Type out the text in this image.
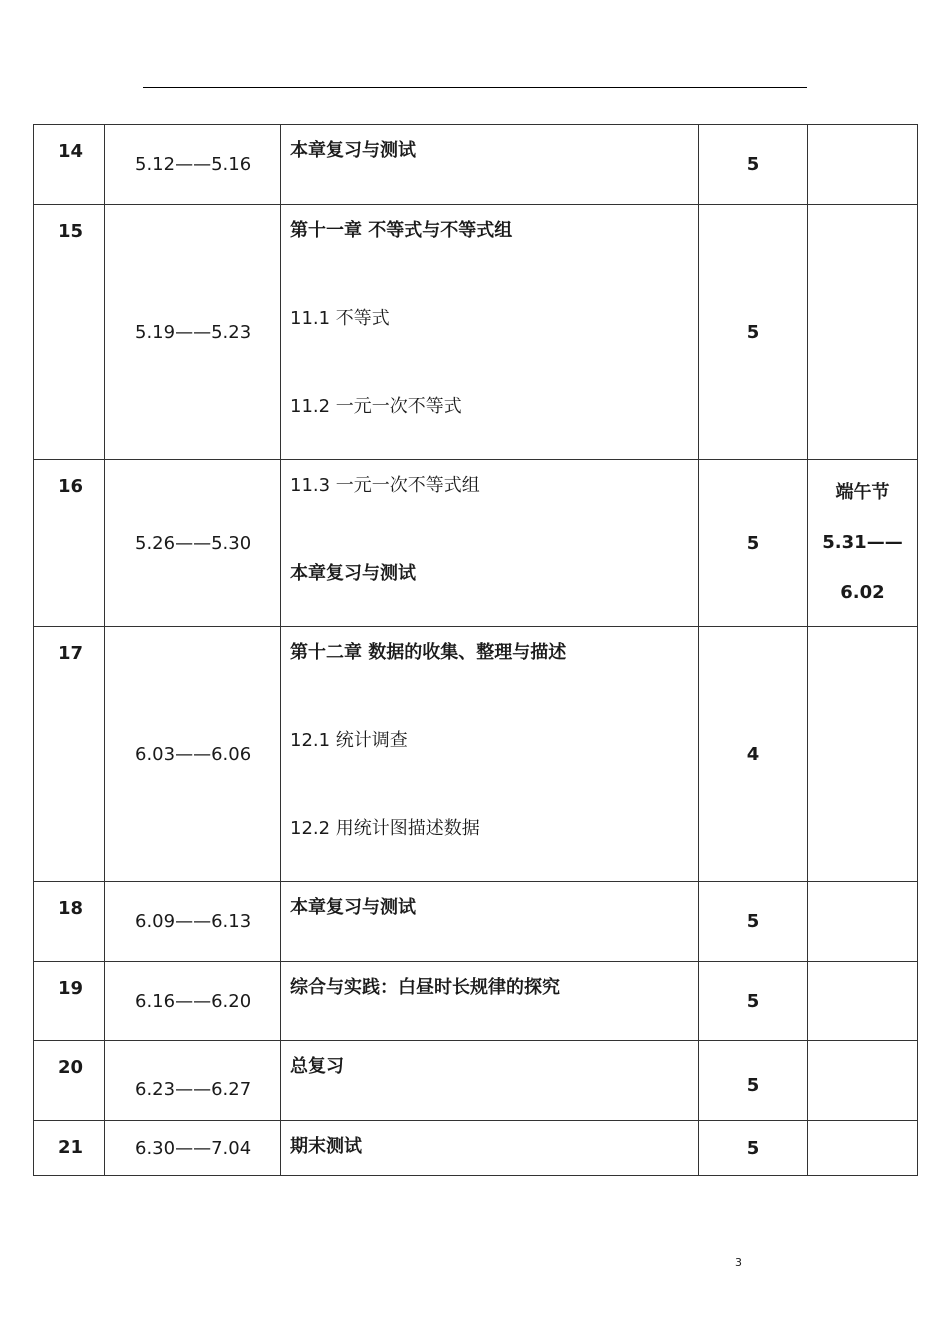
14	5.12——5.16	本章复习与测试	5	
15	5.19——5.23	第十一章 不等式与不等式组
11.1 不等式
11.2 一元一次不等式	5	
16	5.26——5.30	11.3 一元一次不等式组
本章复习与测试	5	端午节
5.31——
6.02

17	6.03——6.06	第十二章 数据的收集、整理与描述
12.1 统计调查
12.2 用统计图描述数据	4	
18	6.09——6.13	本章复习与测试	5	
19	6.16——6.20	综合与实践：白昼时长规律的探究	5	
20	6.23——6.27	总复习	5	
21	6.30——7.04	期末测试	5	
3
